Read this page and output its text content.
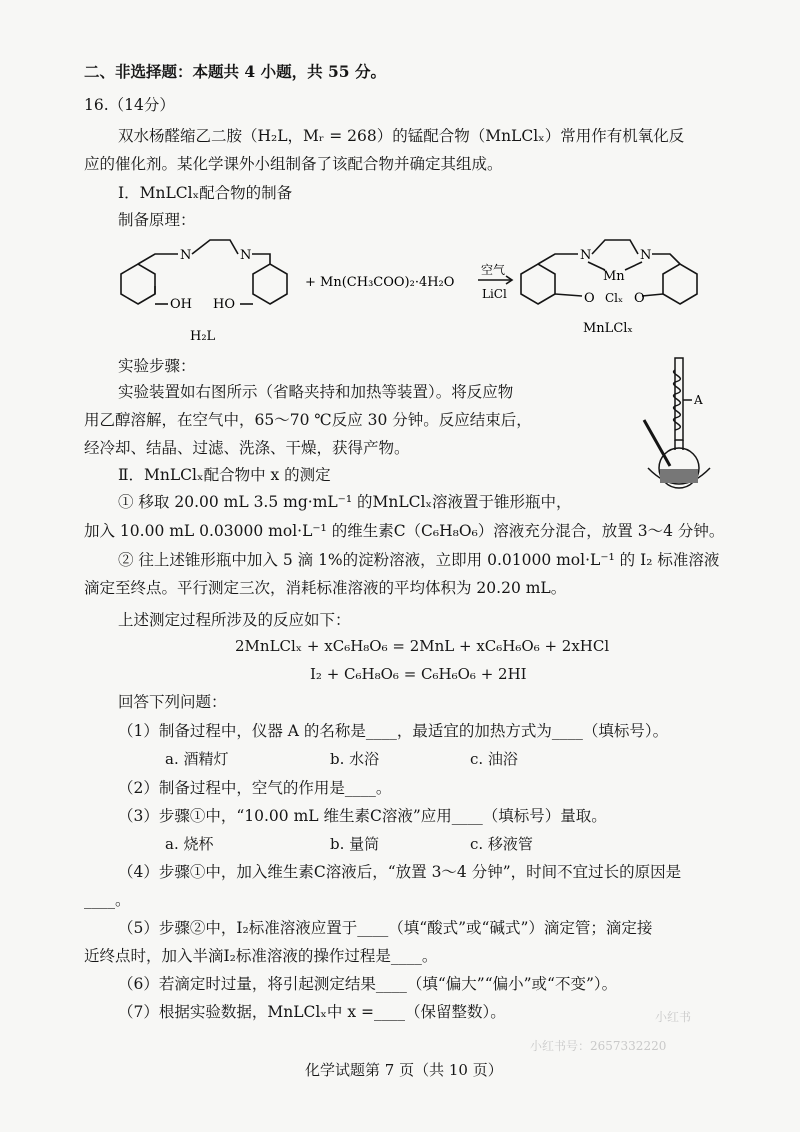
二、非选择题：本题共 4 小题，共 55 分。
16.（14分）
双水杨醛缩乙二胺（H₂L，Mᵣ = 268）的锰配合物（MnLClₓ）常用作有机氧化反
应的催化剂。某化学课外小组制备了该配合物并确定其组成。
Ⅰ．MnLClₓ配合物的制备
制备原理：
N	N
OH HO
H₂L
+ Mn(CH₃COO)₂·4H₂O
空气
LiCl
N	N
Mn
O Clₓ O
MnLClₓ
实验步骤：
实验装置如右图所示（省略夹持和加热等装置）。将反应物
用乙醇溶解，在空气中，65～70 ℃反应 30 分钟。反应结束后，
经冷却、结晶、过滤、洗涤、干燥，获得产物。
A
Ⅱ．MnLClₓ配合物中 x 的测定
① 移取 20.00 mL 3.5 mg·mL⁻¹ 的MnLClₓ溶液置于锥形瓶中，
加入 10.00 mL 0.03000 mol·L⁻¹ 的维生素C（C₆H₈O₆）溶液充分混合，放置 3～4 分钟。
② 往上述锥形瓶中加入 5 滴 1%的淀粉溶液，立即用 0.01000 mol·L⁻¹ 的 I₂ 标准溶液
滴定至终点。平行测定三次，消耗标准溶液的平均体积为 20.20 mL。
上述测定过程所涉及的反应如下：
2MnLClₓ + xC₆H₈O₆ = 2MnL + xC₆H₆O₆ + 2xHCl
I₂ + C₆H₈O₆ = C₆H₆O₆ + 2HI
回答下列问题：
（1）制备过程中，仪器 A 的名称是____，最适宜的加热方式为____（填标号）。
a. 酒精灯	b. 水浴	c. 油浴
（2）制备过程中，空气的作用是____。
（3）步骤①中，“10.00 mL 维生素C溶液”应用____（填标号）量取。
a. 烧杯	b. 量筒	c. 移液管
（4）步骤①中，加入维生素C溶液后，“放置 3～4 分钟”，时间不宜过长的原因是
____。
（5）步骤②中，I₂标准溶液应置于____（填“酸式”或“碱式”）滴定管；滴定接
近终点时，加入半滴I₂标准溶液的操作过程是____。
（6）若滴定时过量，将引起测定结果____（填“偏大”“偏小”或“不变”）。
（7）根据实验数据，MnLClₓ中 x =____（保留整数）。
化学试题第 7 页（共 10 页）
小红书
小红书号：2657332220
